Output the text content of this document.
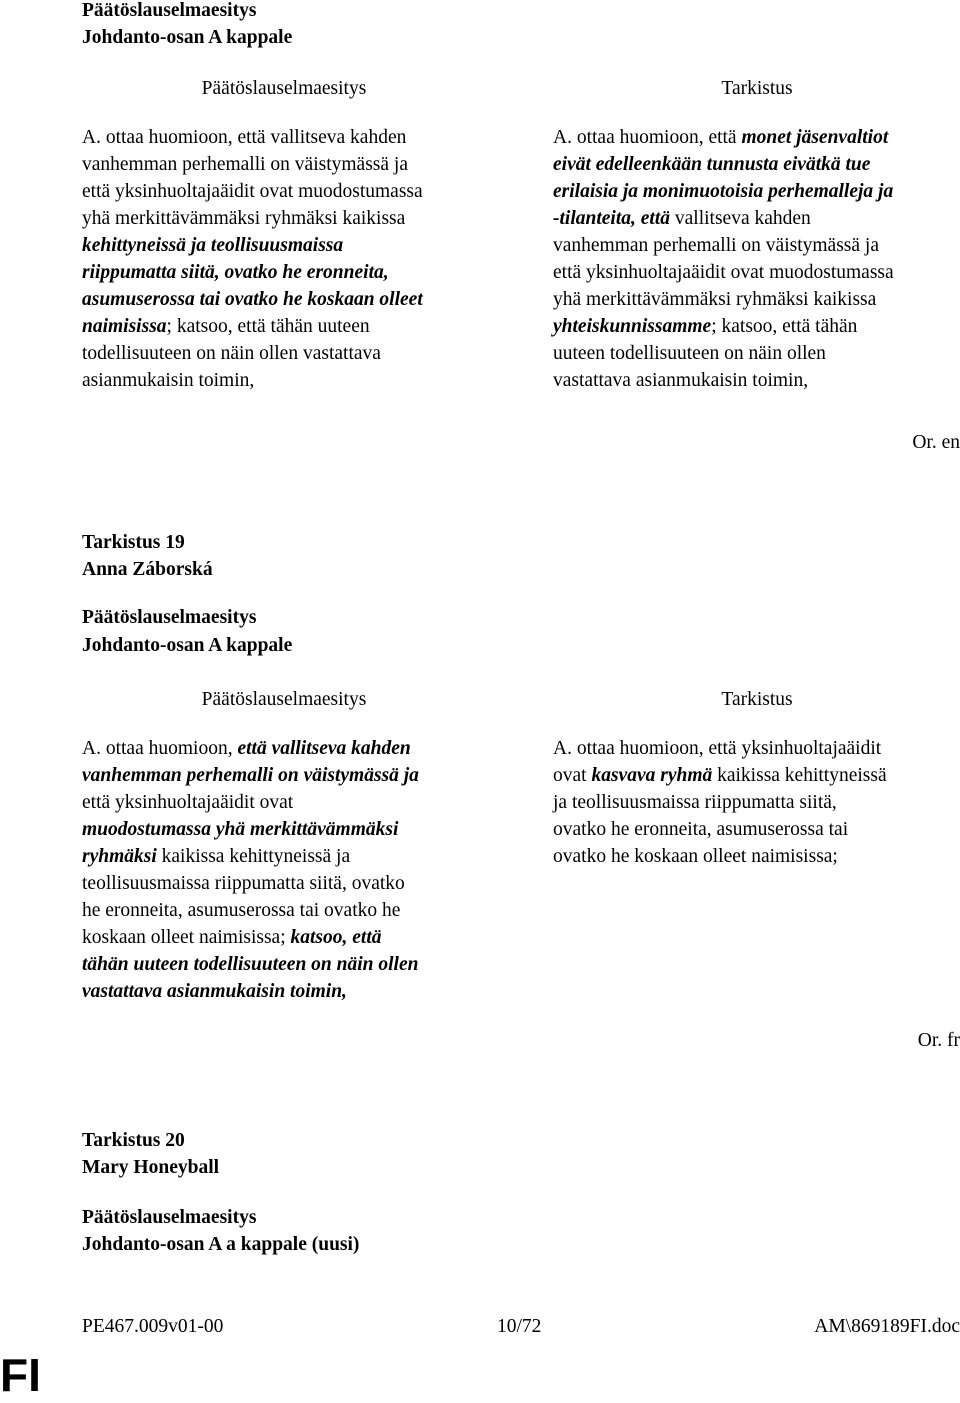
Päätöslauselmaesitys
Johdanto-osan A kappale
Päätöslauselmaesitys	Tarkistus
A. ottaa huomioon, että vallitseva kahden
vanhemman perhemalli on väistymässä ja
että yksinhuoltajaäidit ovat muodostumassa
yhä merkittävämmäksi ryhmäksi kaikissa
kehittyneissä ja teollisuusmaissa
riippumatta siitä, ovatko he eronneita,
asumuserossa tai ovatko he koskaan olleet
naimisissa; katsoo, että tähän uuteen
todellisuuteen on näin ollen vastattava
asianmukaisin toimin,
A. ottaa huomioon, että monet jäsenvaltiot
eivät edelleenkään tunnusta eivätkä tue
erilaisia ja monimuotoisia perhemalleja ja
-tilanteita, että vallitseva kahden
vanhemman perhemalli on väistymässä ja
että yksinhuoltajaäidit ovat muodostumassa
yhä merkittävämmäksi ryhmäksi kaikissa
yhteiskunnissamme; katsoo, että tähän
uuteen todellisuuteen on näin ollen
vastattava asianmukaisin toimin,
Or. en
Tarkistus 19
Anna Záborská
Päätöslauselmaesitys
Johdanto-osan A kappale
Päätöslauselmaesitys	Tarkistus
A. ottaa huomioon, että vallitseva kahden
vanhemman perhemalli on väistymässä ja
että yksinhuoltajaäidit ovat
muodostumassa yhä merkittävämmäksi
ryhmäksi kaikissa kehittyneissä ja
teollisuusmaissa riippumatta siitä, ovatko
he eronneita, asumuserossa tai ovatko he
koskaan olleet naimisissa; katsoo, että
tähän uuteen todellisuuteen on näin ollen
vastattava asianmukaisin toimin,
A. ottaa huomioon, että yksinhuoltajaäidit
ovat kasvava ryhmä kaikissa kehittyneissä
ja teollisuusmaissa riippumatta siitä,
ovatko he eronneita, asumuserossa tai
ovatko he koskaan olleet naimisissa;
Or. fr
Tarkistus 20
Mary Honeyball
Päätöslauselmaesitys
Johdanto-osan A a kappale (uusi)
PE467.009v01-00	10/72	AM\869189FI.doc
FI
